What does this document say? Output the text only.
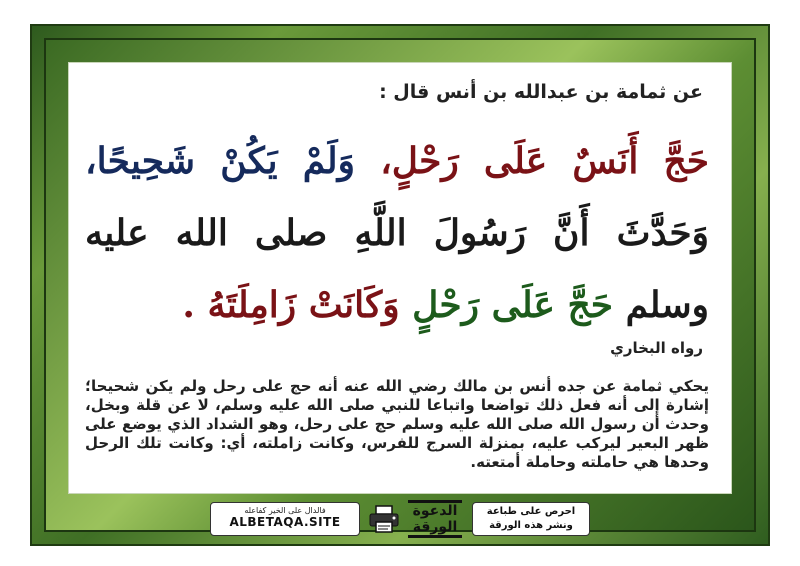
عن ثمامة بن عبدالله بن أنس قال :
حَجَّ أَنَسٌ عَلَى رَحْلٍ، وَلَمْ يَكُنْ شَحِيحًا، وَحَدَّثَ أَنَّ رَسُولَ اللَّهِ صلى الله عليه وسلم حَجَّ عَلَى رَحْلٍ وَكَانَتْ زَامِلَتَهُ .
رواه البخاري
يحكي ثمامة عن جده أنس بن مالك رضي الله عنه أنه حج على رحل ولم يكن شحيحا؛ إشارة إلى أنه فعل ذلك تواضعا واتباعا للنبي صلى الله عليه وسلم، لا عن قلة وبخل، وحدث أن رسول الله صلى الله عليه وسلم حج على رحل، وهو الشداد الذي يوضع على ظهر البعير ليركب عليه، بمنزلة السرج للفرس، وكانت زاملته، أي: وكانت تلك الرحل وحدها هي حاملته وحاملة أمتعته.
فالدال على الخير كفاعله
ALBETAQA.SITE
الدعوة
الورقة
احرص على طباعة
ونشر هذه الورقة
